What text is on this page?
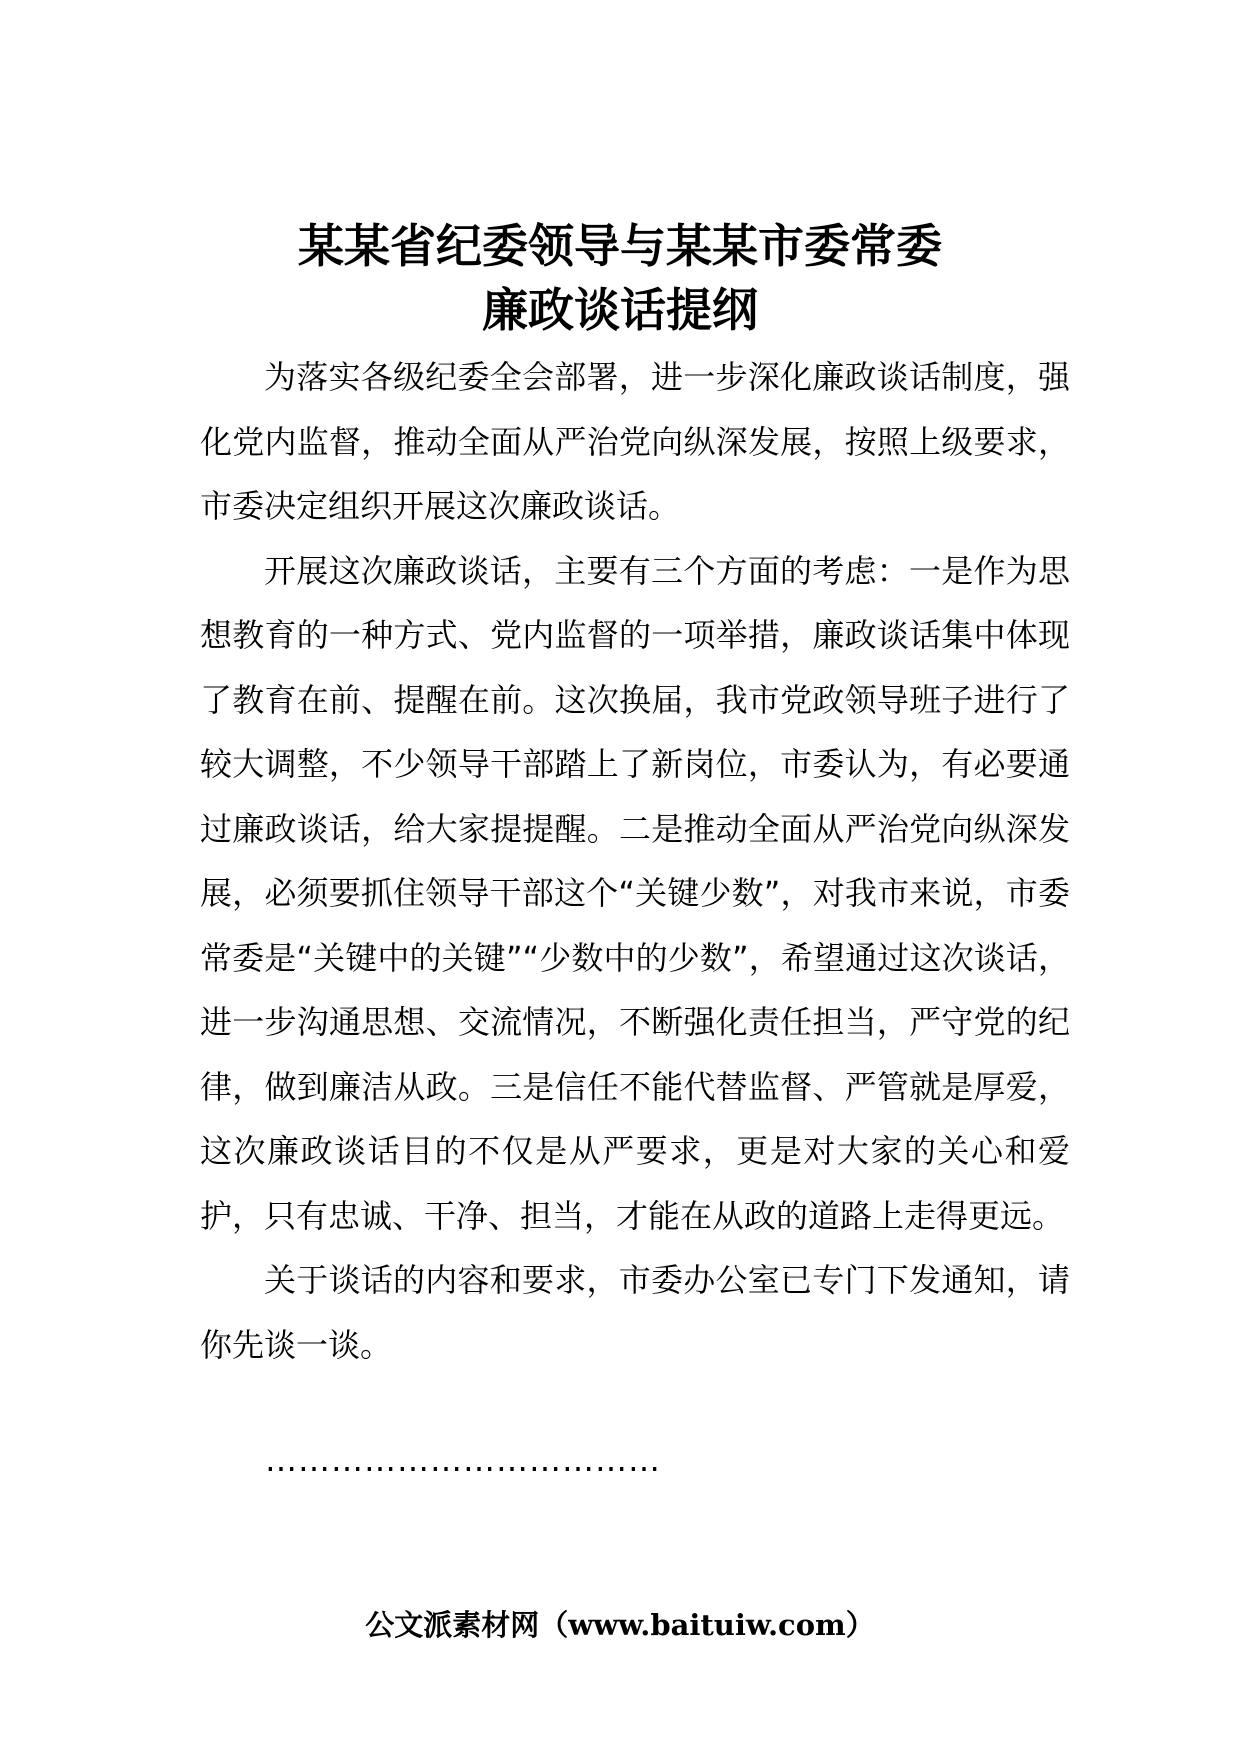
某某省纪委领导与某某市委常委
廉政谈话提纲

为落实各级纪委全会部署，进一步深化廉政谈话制度，强化党内监督，推动全面从严治党向纵深发展，按照上级要求，市委决定组织开展这次廉政谈话。

开展这次廉政谈话，主要有三个方面的考虑：一是作为思想教育的一种方式、党内监督的一项举措，廉政谈话集中体现了教育在前、提醒在前。这次换届，我市党政领导班子进行了较大调整，不少领导干部踏上了新岗位，市委认为，有必要通过廉政谈话，给大家提提醒。二是推动全面从严治党向纵深发展，必须要抓住领导干部这个“关键少数”，对我市来说，市委常委是“关键中的关键”“少数中的少数”，希望通过这次谈话，进一步沟通思想、交流情况，不断强化责任担当，严守党的纪律，做到廉洁从政。三是信任不能代替监督、严管就是厚爱，这次廉政谈话目的不仅是从严要求，更是对大家的关心和爱护，只有忠诚、干净、担当，才能在从政的道路上走得更远。

关于谈话的内容和要求，市委办公室已专门下发通知，请你先谈一谈。

………………………………
公文派素材网（www.baituiw.com）
